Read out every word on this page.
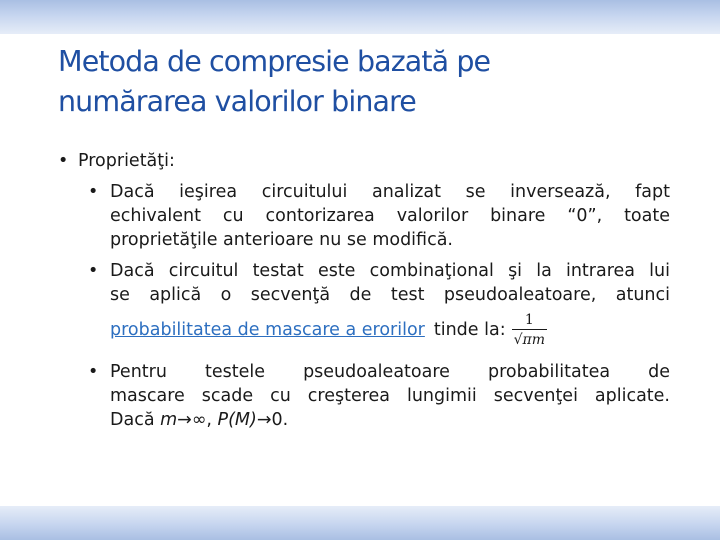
Metoda de compresie bazată pe
numărarea valorilor binare
• Proprietăţi:
• Dacă ieşirea circuitului analizat se inversează, fapt
echivalent cu contorizarea valorilor binare “0”, toate
proprietăţile anterioare nu se modifică.
• Dacă circuitul testat este combinaţional şi la intrarea lui
se aplică o secvenţă de test pseudoaleatoare, atunci
probabilitatea de mascare a erorilor tinde la: $\frac{1}{√\pi m}$
• Pentru testele pseudoaleatoare probabilitatea de
mascare scade cu creşterea lungimii secvenţei aplicate.
Dacă m→∞, P(M)→0.
